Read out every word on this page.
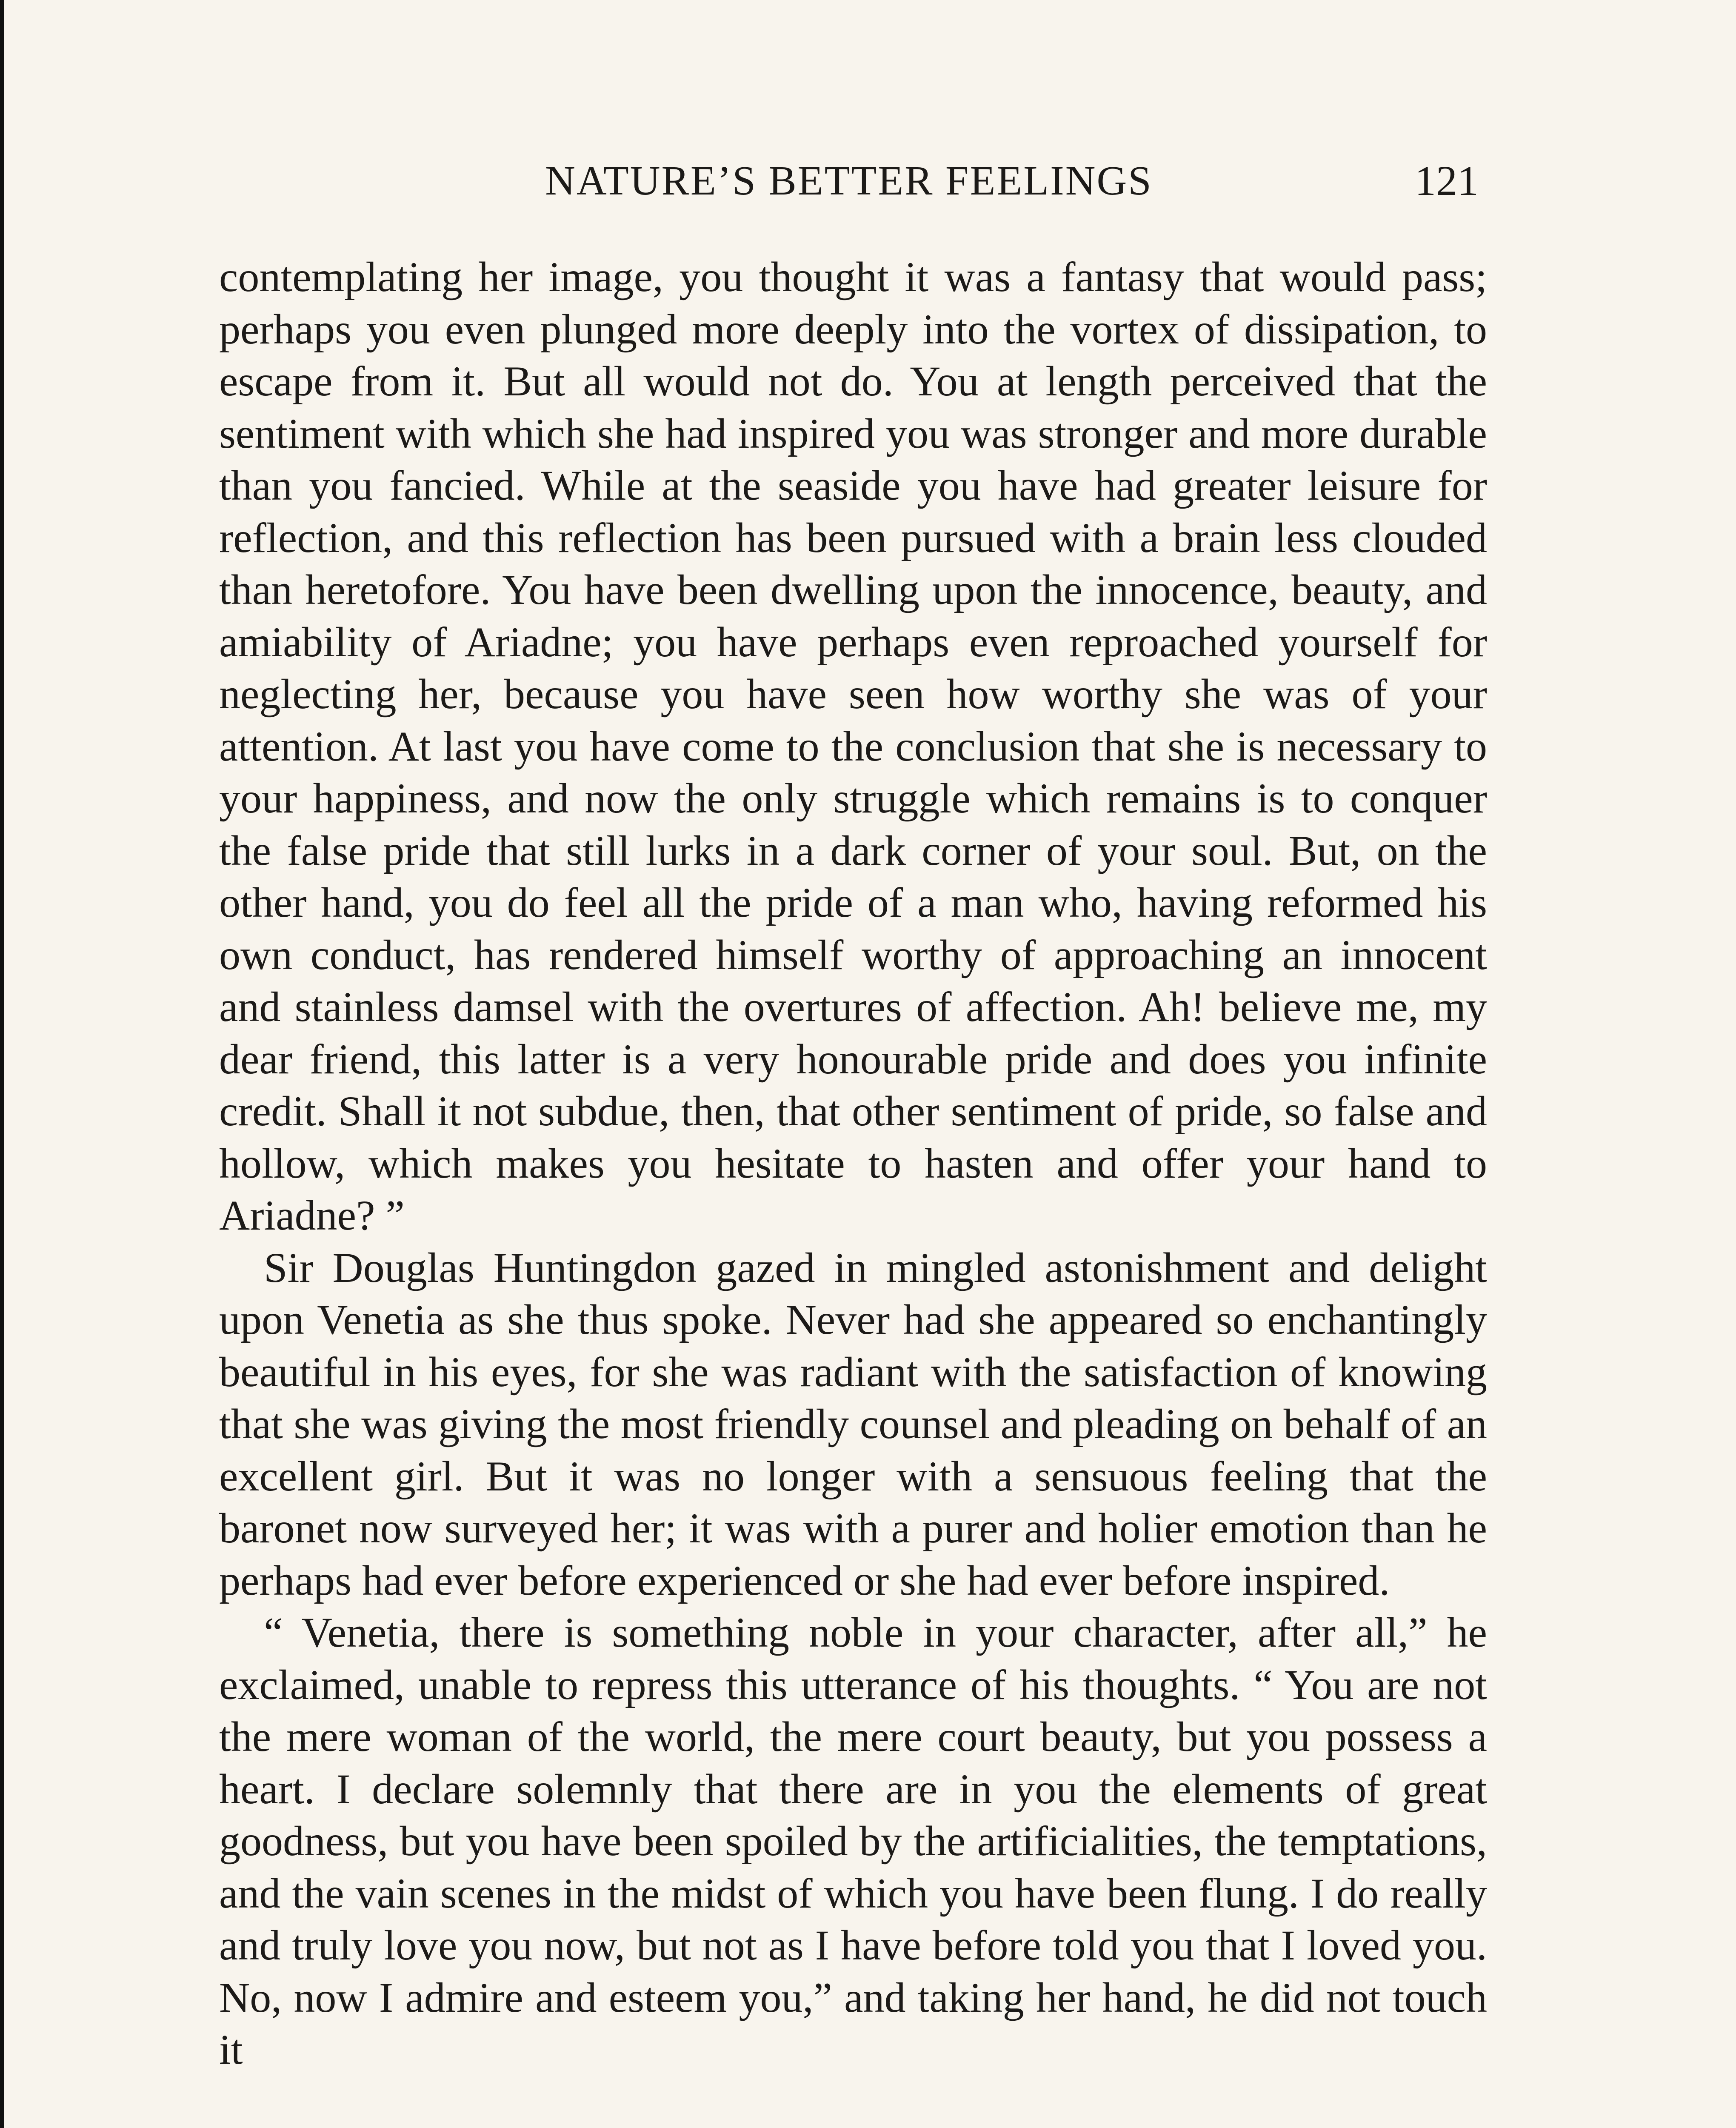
NATURE’S BETTER FEELINGS	121

contemplating her image, you thought it was a fantasy that would pass; perhaps you even plunged more deeply into the vortex of dissipation, to escape from it. But all would not do. You at length perceived that the sentiment with which she had inspired you was stronger and more durable than you fancied. While at the seaside you have had greater leisure for reflection, and this reflection has been pursued with a brain less clouded than heretofore. You have been dwelling upon the innocence, beauty, and amiability of Ariadne; you have perhaps even reproached yourself for neglecting her, because you have seen how worthy she was of your attention. At last you have come to the conclusion that she is necessary to your happiness, and now the only struggle which remains is to conquer the false pride that still lurks in a dark corner of your soul. But, on the other hand, you do feel all the pride of a man who, having reformed his own conduct, has rendered himself worthy of approaching an innocent and stainless damsel with the overtures of affection. Ah! believe me, my dear friend, this latter is a very honourable pride and does you infinite credit. Shall it not subdue, then, that other sentiment of pride, so false and hollow, which makes you hesitate to hasten and offer your hand to Ariadne? ”

Sir Douglas Huntingdon gazed in mingled astonishment and delight upon Venetia as she thus spoke. Never had she appeared so enchantingly beautiful in his eyes, for she was radiant with the satisfaction of knowing that she was giving the most friendly counsel and pleading on behalf of an excellent girl. But it was no longer with a sensuous feeling that the baronet now surveyed her; it was with a purer and holier emotion than he perhaps had ever before experienced or she had ever before inspired.

“ Venetia, there is something noble in your character, after all,” he exclaimed, unable to repress this utterance of his thoughts. “ You are not the mere woman of the world, the mere court beauty, but you possess a heart. I declare solemnly that there are in you the elements of great goodness, but you have been spoiled by the artificialities, the temptations, and the vain scenes in the midst of which you have been flung. I do really and truly love you now, but not as I have before told you that I loved you. No, now I admire and esteem you,” and taking her hand, he did not touch it
